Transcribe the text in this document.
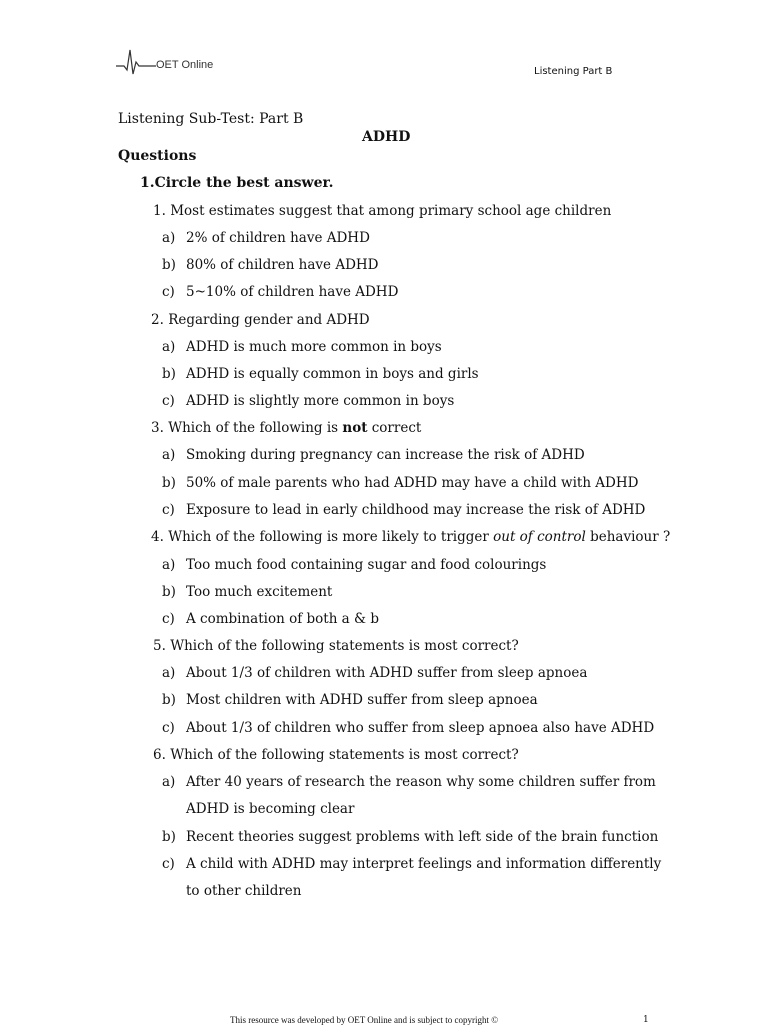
OET Online
Listening Part B
Listening Sub-Test: Part B
ADHD
Questions
1.Circle the best answer.
1. Most estimates suggest that among primary school age children
a) 2% of children have ADHD
b) 80% of children have ADHD
c) 5~10% of children have ADHD
2. Regarding gender and ADHD
a) ADHD is much more common in boys
b) ADHD is equally common in boys and girls
c) ADHD is slightly more common in boys
3. Which of the following is not correct
a) Smoking during pregnancy can increase the risk of ADHD
b) 50% of male parents who had ADHD may have a child with ADHD
c) Exposure to lead in early childhood may increase the risk of ADHD
4. Which of the following is more likely to trigger out of control behaviour ?
a) Too much food containing sugar and food colourings
b) Too much excitement
c) A combination of both a & b
5. Which of the following statements is most correct?
a) About 1/3 of children with ADHD suffer from sleep apnoea
b) Most children with ADHD suffer from sleep apnoea
c) About 1/3 of children who suffer from sleep apnoea also have ADHD
6. Which of the following statements is most correct?
a) After 40 years of research the reason why some children suffer from
ADHD is becoming clear
b) Recent theories suggest problems with left side of the brain function
c) A child with ADHD may interpret feelings and information differently
to other children
This resource was developed by OET Online and is subject to copyright ©	1
